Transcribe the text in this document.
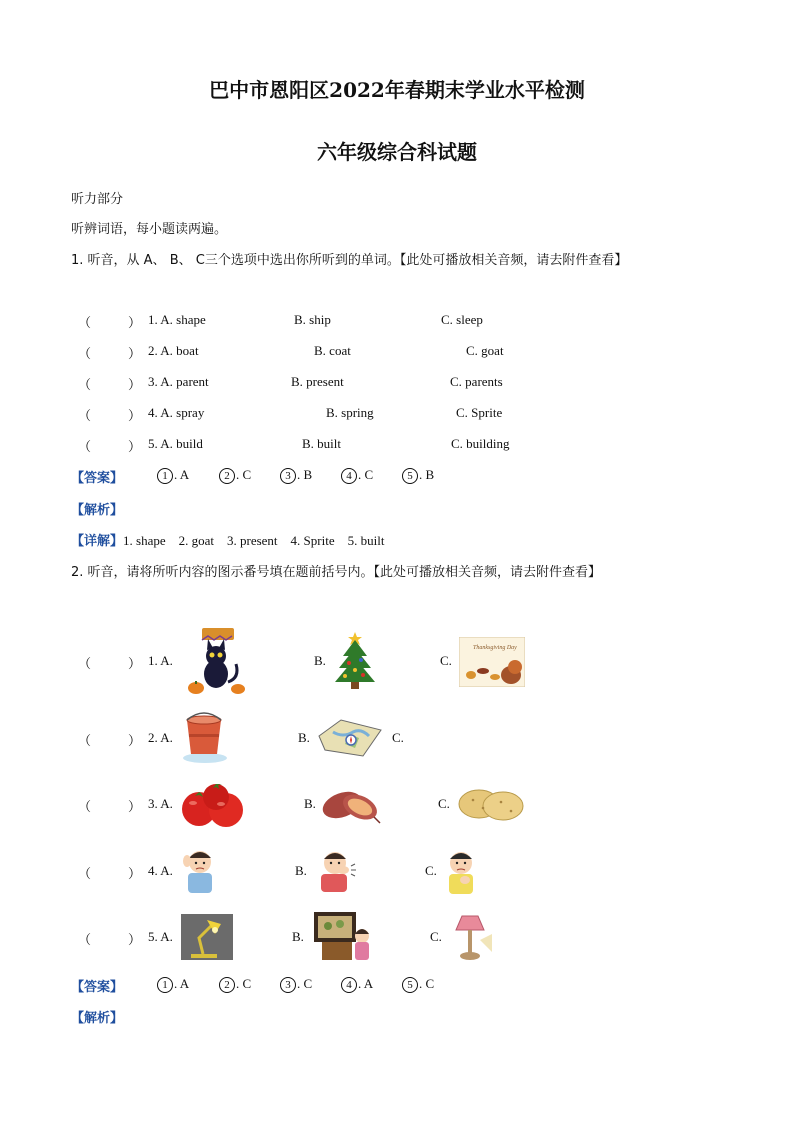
巴中市恩阳区2022年春期末学业水平检测
六年级综合科试题
听力部分
听辨词语，每小题读两遍。
1. 听音，从 A、 B、 C三个选项中选出你所听到的单词。【此处可播放相关音频，请去附件查看】
（	） 1. A. shape	B. ship	C. sleep
（	） 2. A. boat	B. coat	C. goat
（	） 3. A. parent	B. present	C. parents
（	） 4. A. spray	B. spring	C. Sprite
（	） 5. A. build	B. built	C. building
【答案】	1 . A	2 . C	3 . B	4 . C	5 . B
【解析】
【详解】1. shape    2. goat    3. present    4. Sprite    5. built
2. 听音，请将所听内容的图示番号填在题前括号内。【此处可播放相关音频，请去附件查看】
（	） 1. A.	B.	C.
（	） 2. A.	B.	C.
（	） 3. A.	B.	C.
（	） 4. A.	B.	C.
（	） 5. A.	B.	C.
Thanksgiving Day
【答案】	1 . A	2 . C	3 . C	4 . A	5 . C
【解析】
